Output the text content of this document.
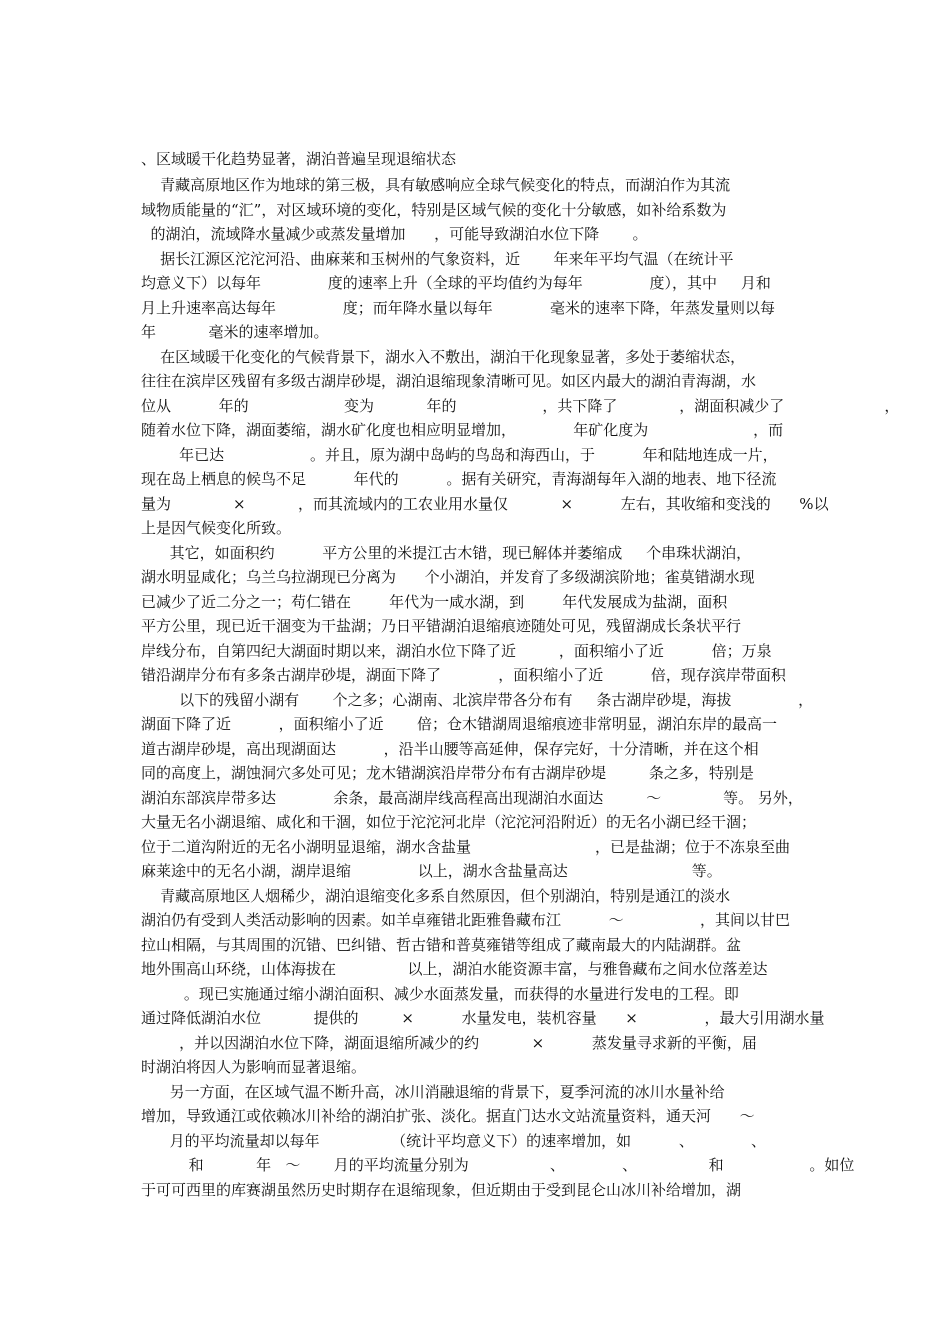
、区域暖干化趋势显著，湖泊普遍呈现退缩状态
青藏高原地区作为地球的第三极，具有敏感响应全球气候变化的特点，而湖泊作为其流
域物质能量的“汇”，对区域环境的变化，特别是区域气候的变化十分敏感，如补给系数为
的湖泊，流域降水量减少或蒸发量增加      ，可能导致湖泊水位下降       。
据长江源区沱沱河沿、曲麻莱和玉树州的气象资料，近       年来年平均气温（在统计平
均意义下）以每年              度的速率上升（全球的平均值约为每年              度），其中     月和
月上升速率高达每年              度；而年降水量以每年            毫米的速率下降，年蒸发量则以每
年           毫米的速率增加。
在区域暖干化变化的气候背景下，湖水入不敷出，湖泊干化现象显著，多处于萎缩状态，
往往在滨岸区残留有多级古湖岸砂堤，湖泊退缩现象清晰可见。如区内最大的湖泊青海湖，水
位从          年的                    变为           年的                  ，共下降了             ，湖面积减少了                     ，
随着水位下降，湖面萎缩，湖水矿化度也相应明显增加，            年矿化度为                      ，而
年已达                  。并且，原为湖中岛屿的鸟岛和海西山，于          年和陆地连成一片，
现在岛上栖息的候鸟不足          年代的          。据有关研究，青海湖每年入湖的地表、地下径流
量为             ×           ，而其流域内的工农业用水量仅           ×          左右，其收缩和变浅的      %以
上是因气候变化所致。
其它，如面积约          平方公里的米提江古木错，现已解体并萎缩成     个串珠状湖泊，
湖水明显咸化；乌兰乌拉湖现已分离为      个小湖泊，并发育了多级湖滨阶地；雀莫错湖水现
已减少了近二分之一；苟仁错在        年代为一咸水湖，到        年代发展成为盐湖，面积
平方公里，现已近干涸变为干盐湖；乃日平错湖泊退缩痕迹随处可见，残留湖成长条状平行
岸线分布，自第四纪大湖面时期以来，湖泊水位下降了近         ，面积缩小了近          倍；万泉
错沿湖岸分布有多条古湖岸砂堤，湖面下降了            ，面积缩小了近          倍，现存滨岸带面积
以下的残留小湖有       个之多；心湖南、北滨岸带各分布有     条古湖岸砂堤，海拔              ，
湖面下降了近          ，面积缩小了近       倍；仓木错湖周退缩痕迹非常明显，湖泊东岸的最高一
道古湖岸砂堤，高出现湖面达          ，沿半山腰等高延伸，保存完好，十分清晰，并在这个相
同的高度上，湖蚀洞穴多处可见；龙木错湖滨沿岸带分布有古湖岸砂堤         条之多，特别是
湖泊东部滨岸带多达            余条，最高湖岸线高程高出现湖泊水面达         ～             等。 另外，
大量无名小湖退缩、咸化和干涸，如位于沱沱河北岸（沱沱河沿附近）的无名小湖已经干涸；
位于二道沟附近的无名小湖明显退缩，湖水含盐量                          ，已是盐湖；位于不冻泉至曲
麻莱途中的无名小湖，湖岸退缩              以上，湖水含盐量高达                          等。
青藏高原地区人烟稀少，湖泊退缩变化多系自然原因，但个别湖泊，特别是通江的淡水
湖泊仍有受到人类活动影响的因素。如羊卓雍错北距雅鲁藏布江          ～                ，其间以甘巴
拉山相隔，与其周围的沉错、巴纠错、哲古错和普莫雍错等组成了藏南最大的内陆湖群。盆
地外围高山环绕，山体海拔在               以上，湖泊水能资源丰富，与雅鲁藏布之间水位落差达
。现已实施通过缩小湖泊面积、减少水面蒸发量，而获得的水量进行发电的工程。即
通过降低湖泊水位           提供的         ×          水量发电，装机容量      ×              ，最大引用湖水量
，并以因湖泊水位下降，湖面退缩所减少的约           ×          蒸发量寻求新的平衡，届
时湖泊将因人为影响而显著退缩。
另一方面，在区域气温不断升高，冰川消融退缩的背景下，夏季河流的冰川水量补给
增加，导致通江或依赖冰川补给的湖泊扩张、淡化。据直门达水文站流量资料，通天河      ～
月的平均流量却以每年               （统计平均意义下）的速率增加，如          、            、
和           年   ～       月的平均流量分别为                 、            、               和                  。如位
于可可西里的库赛湖虽然历史时期存在退缩现象，但近期由于受到昆仑山冰川补给增加，湖
